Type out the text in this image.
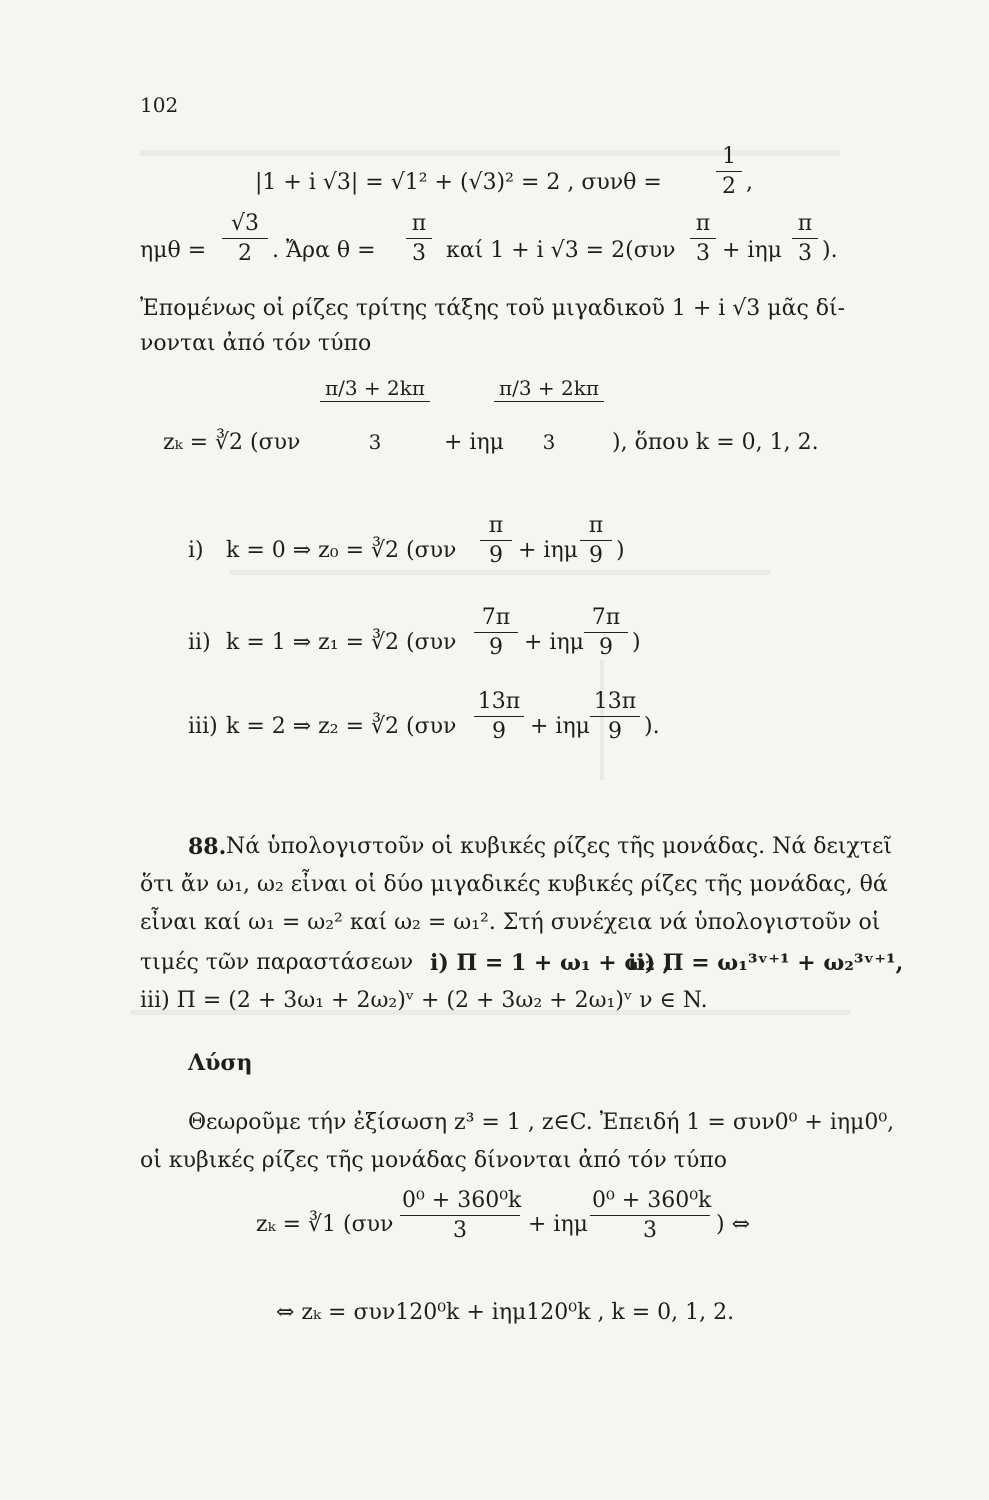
102
|1 + i √3| = √1² + (√3)² = 2 , $\sigma\upsilon\nu\theta = \frac{1}{2}$ ,
$\eta\mu\theta = \frac{√3}{2}$ . Ἄρα $\theta = \frac{\pi}{3}$ καί 1 + i $√3 = 2(\sigma\upsilon\nu \frac{\pi}{3} + i\eta\mu \frac{\pi}{3}$ ).
Ἐπομένως οἱ ρίζες τρίτης τάξης τοῦ μιγαδικοῦ 1 + i √3 μᾶς δί-
νονται ἀπό τόν τύπο
zₖ = ∛2 ($\sigma\upsilon\nu \frac{\pi/3 + 2k\pi}{3} + i\eta\mu$
$\frac{\pi/3 + 2k\pi}{3}$ ), ὅπου k = 0, 1, 2.
i) k = 0 ⇒ z₀ = ∛2 ($\sigma\upsilon\nu \frac{\pi}{9} + i\eta\mu \frac{\pi}{9}$ )
ii) k = 1 ⇒ z₁ = ∛2 ($\sigma\upsilon\nu \frac{7\pi}{9} + i\eta\mu \frac{7\pi}{9}$ )
iii) k = 2 ⇒ z₂ = ∛2 ($\sigma\upsilon\nu \frac{13\pi}{9} + i\eta\mu \frac{13\pi}{9}$ ).
88. Νά ὑπολογιστοῦν οἱ κυβικές ρίζες τῆς μονάδας. Νά δειχτεῖ
ὅτι ἄν ω₁, ω₂ εἶναι οἱ δύο μιγαδικές κυβικές ρίζες τῆς μονάδας, θά
εἶναι καί ω₁ = ω₂² καί ω₂ = ω₁². Στή συνέχεια νά ὑπολογιστοῦν οἱ
τιμές τῶν παραστάσεων i) Π = 1 + ω₁ + ω₂ ,
ii) Π = ω₁³ᵛ⁺¹ + ω₂³ᵛ⁺¹,
iii) Π = (2 + 3ω₁ + 2ω₂)ᵛ + (2 + 3ω₂ + 2ω₁)ᵛ ν ∈ N.
Λύση
Θεωροῦμε τήν ἐξίσωση z³ = 1 , z∈C. Ἐπειδή 1 = συν0⁰ + iημ0⁰,
οἱ κυβικές ρίζες τῆς μονάδας δίνονται ἀπό τόν τύπο
zₖ = ∛1 ($\sigma\upsilon\nu \frac{\text{0⁰ + 360⁰k}}{3} + i\eta\mu \frac{\text{0⁰ + 360⁰k}}{3}$ ) ⇔
⇔ zₖ = συν120⁰k + iημ120⁰k , k = 0, 1, 2.
